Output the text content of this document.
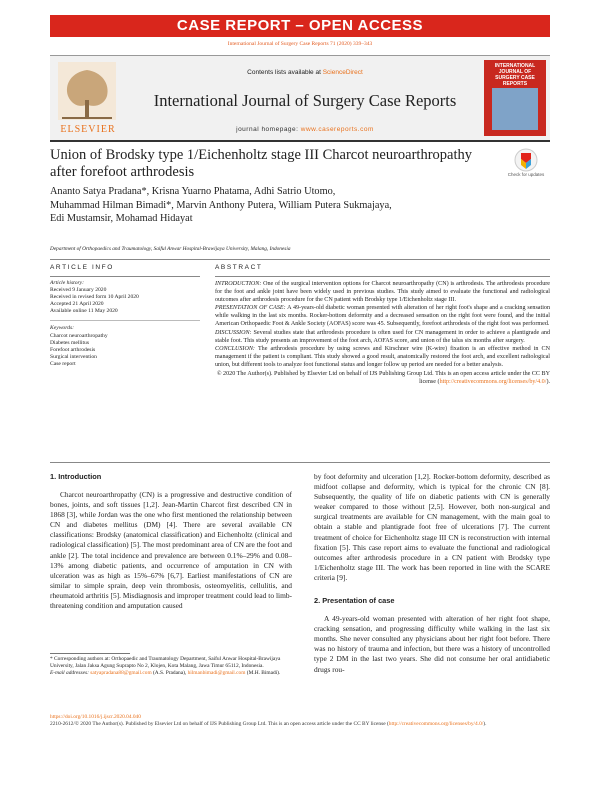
CASE REPORT – OPEN ACCESS
International Journal of Surgery Case Reports 71 (2020) 339–343
ELSEVIER
Contents lists available at ScienceDirect
International Journal of Surgery Case Reports
journal homepage: www.casereports.com
INTERNATIONAL JOURNAL OF SURGERY CASE REPORTS
Union of Brodsky type 1/Eichenholtz stage III Charcot neuroarthropathy after forefoot arthrodesis	Check for updates
Ananto Satya Pradana*, Krisna Yuarno Phatama, Adhi Satrio Utomo,
Muhammad Hilman Bimadi*, Marvin Anthony Putera, William Putera Sukmajaya,
Edi Mustamsir, Mohamad Hidayat
Department of Orthopaedics and Traumatology, Saiful Anwar Hospital-Brawijaya University, Malang, Indonesia
ARTICLE INFO
Article history:
Received 9 January 2020
Received in revised form 10 April 2020
Accepted 21 April 2020
Available online 11 May 2020
Keywords:
Charcot neuroarthropathy
Diabetes mellitus
Forefoot arthrodesis
Surgical intervention
Case report
ABSTRACT
INTRODUCTION: One of the surgical intervention options for Charcot neuroarthropathy (CN) is arthrodesis. The arthrodesis procedure for the foot and ankle joint have been widely used in previous studies. This study aimed to evaluate the functional and radiological outcomes after arthrodesis procedure for the CN patient with Brodsky type 1/Eichenholtz stage III.
PRESENTATION OF CASE: A 49-years-old diabetic woman presented with alteration of her right foot's shape and a cracking sensation while walking in the last six months. Rocker-bottom deformity and a decreased sensation on the right foot were found, and the initial American Orthopaedic Foot & Ankle Society (AOFAS) score was 45. Subsequently, forefoot arthrodesis of the right foot was performed.
DISCUSSION: Several studies state that arthrodesis procedure is often used for CN management in order to achieve a plantigrade and stable foot. This study presents an improvement of the foot arch, AOFAS score, and union of the talus six months after surgery.
CONCLUSION: The arthrodesis procedure by using screws and Kirschner wire (K-wire) fixation is an effective method in CN management if the patient is compliant. This study showed a good result, anatomically restored the foot arch, and excellent radiological union, but different tools to analyze foot functional status and longer follow up period are needed for a better analysis.
© 2020 The Author(s). Published by Elsevier Ltd on behalf of IJS Publishing Group Ltd. This is an open access article under the CC BY license (http://creativecommons.org/licenses/by/4.0/).
1. Introduction
Charcot neuroarthropathy (CN) is a progressive and destructive condition of bones, joints, and soft tissues [1,2]. Jean-Martin Charcot first described CN in 1868 [3], while Jordan was the one who first mentioned the relationship between CN and diabetes mellitus (DM) [4]. There are several available CN classifications: Brodsky (anatomical classification) and Eichenholtz (clinical and radiological classification) [5]. The most predominant area of CN are the foot and ankle [2]. The total incidence and prevalence are between 0.1%–29% and 0.08–13% among diabetic patients, and occurrence of amputation in CN with ulceration was as high as 15%–67% [6,7]. Earliest manifestations of CN are similar to simple sprain, deep vein thrombosis, osteomyelitis, cellulitis, and rheumatoid arthritis [5]. Misdiagnosis and improper treatment could lead to limb-threatening condition and amputation caused
by foot deformity and ulceration [1,2]. Rocker-bottom deformity, described as midfoot collapse and deformity, which is typical for the chronic CN [8]. Subsequently, the quality of life on diabetic patients with CN is generally weaker compared to those without [2,5]. However, both non-surgical and surgical treatments are available for CN management, with the main goal to obtain a stable and plantigrade foot free of ulcerations [7]. The current treatment of choice for Eichenholtz stage III CN is reconstruction with internal fixation [5]. This case report aims to evaluate the functional and radiological outcomes after arthrodesis procedure in a CN patient with Brodsky type 1/Eichenholtz stage III. The work has been reported in line with the SCARE criteria [9].
2. Presentation of case
A 49-years-old woman presented with alteration of her right foot shape, cracking sensation, and progressing difficulty while walking in the last six months. She never consulted any physicians about her right foot before. There was no history of trauma and infection, but there was a history of uncontrolled type 2 DM in the last two years. She did not consume her oral antidiabetic drugs rou-
* Corresponding authors at: Orthopaedic and Traumatology Department, Saiful Anwar Hospital-Brawijaya University, Jalan Jaksa Agung Suprapto No 2, Klojen, Kota Malang, Jawa Timur 65112, Indonesia.
E-mail addresses: satyapradana88@gmail.com (A.S. Pradana), hilmanbimadi@gmail.com (M.H. Bimadi).
https://doi.org/10.1016/j.ijscr.2020.04.040
2210-2612/© 2020 The Author(s). Published by Elsevier Ltd on behalf of IJS Publishing Group Ltd. This is an open access article under the CC BY license (http://creativecommons.org/licenses/by/4.0/).
